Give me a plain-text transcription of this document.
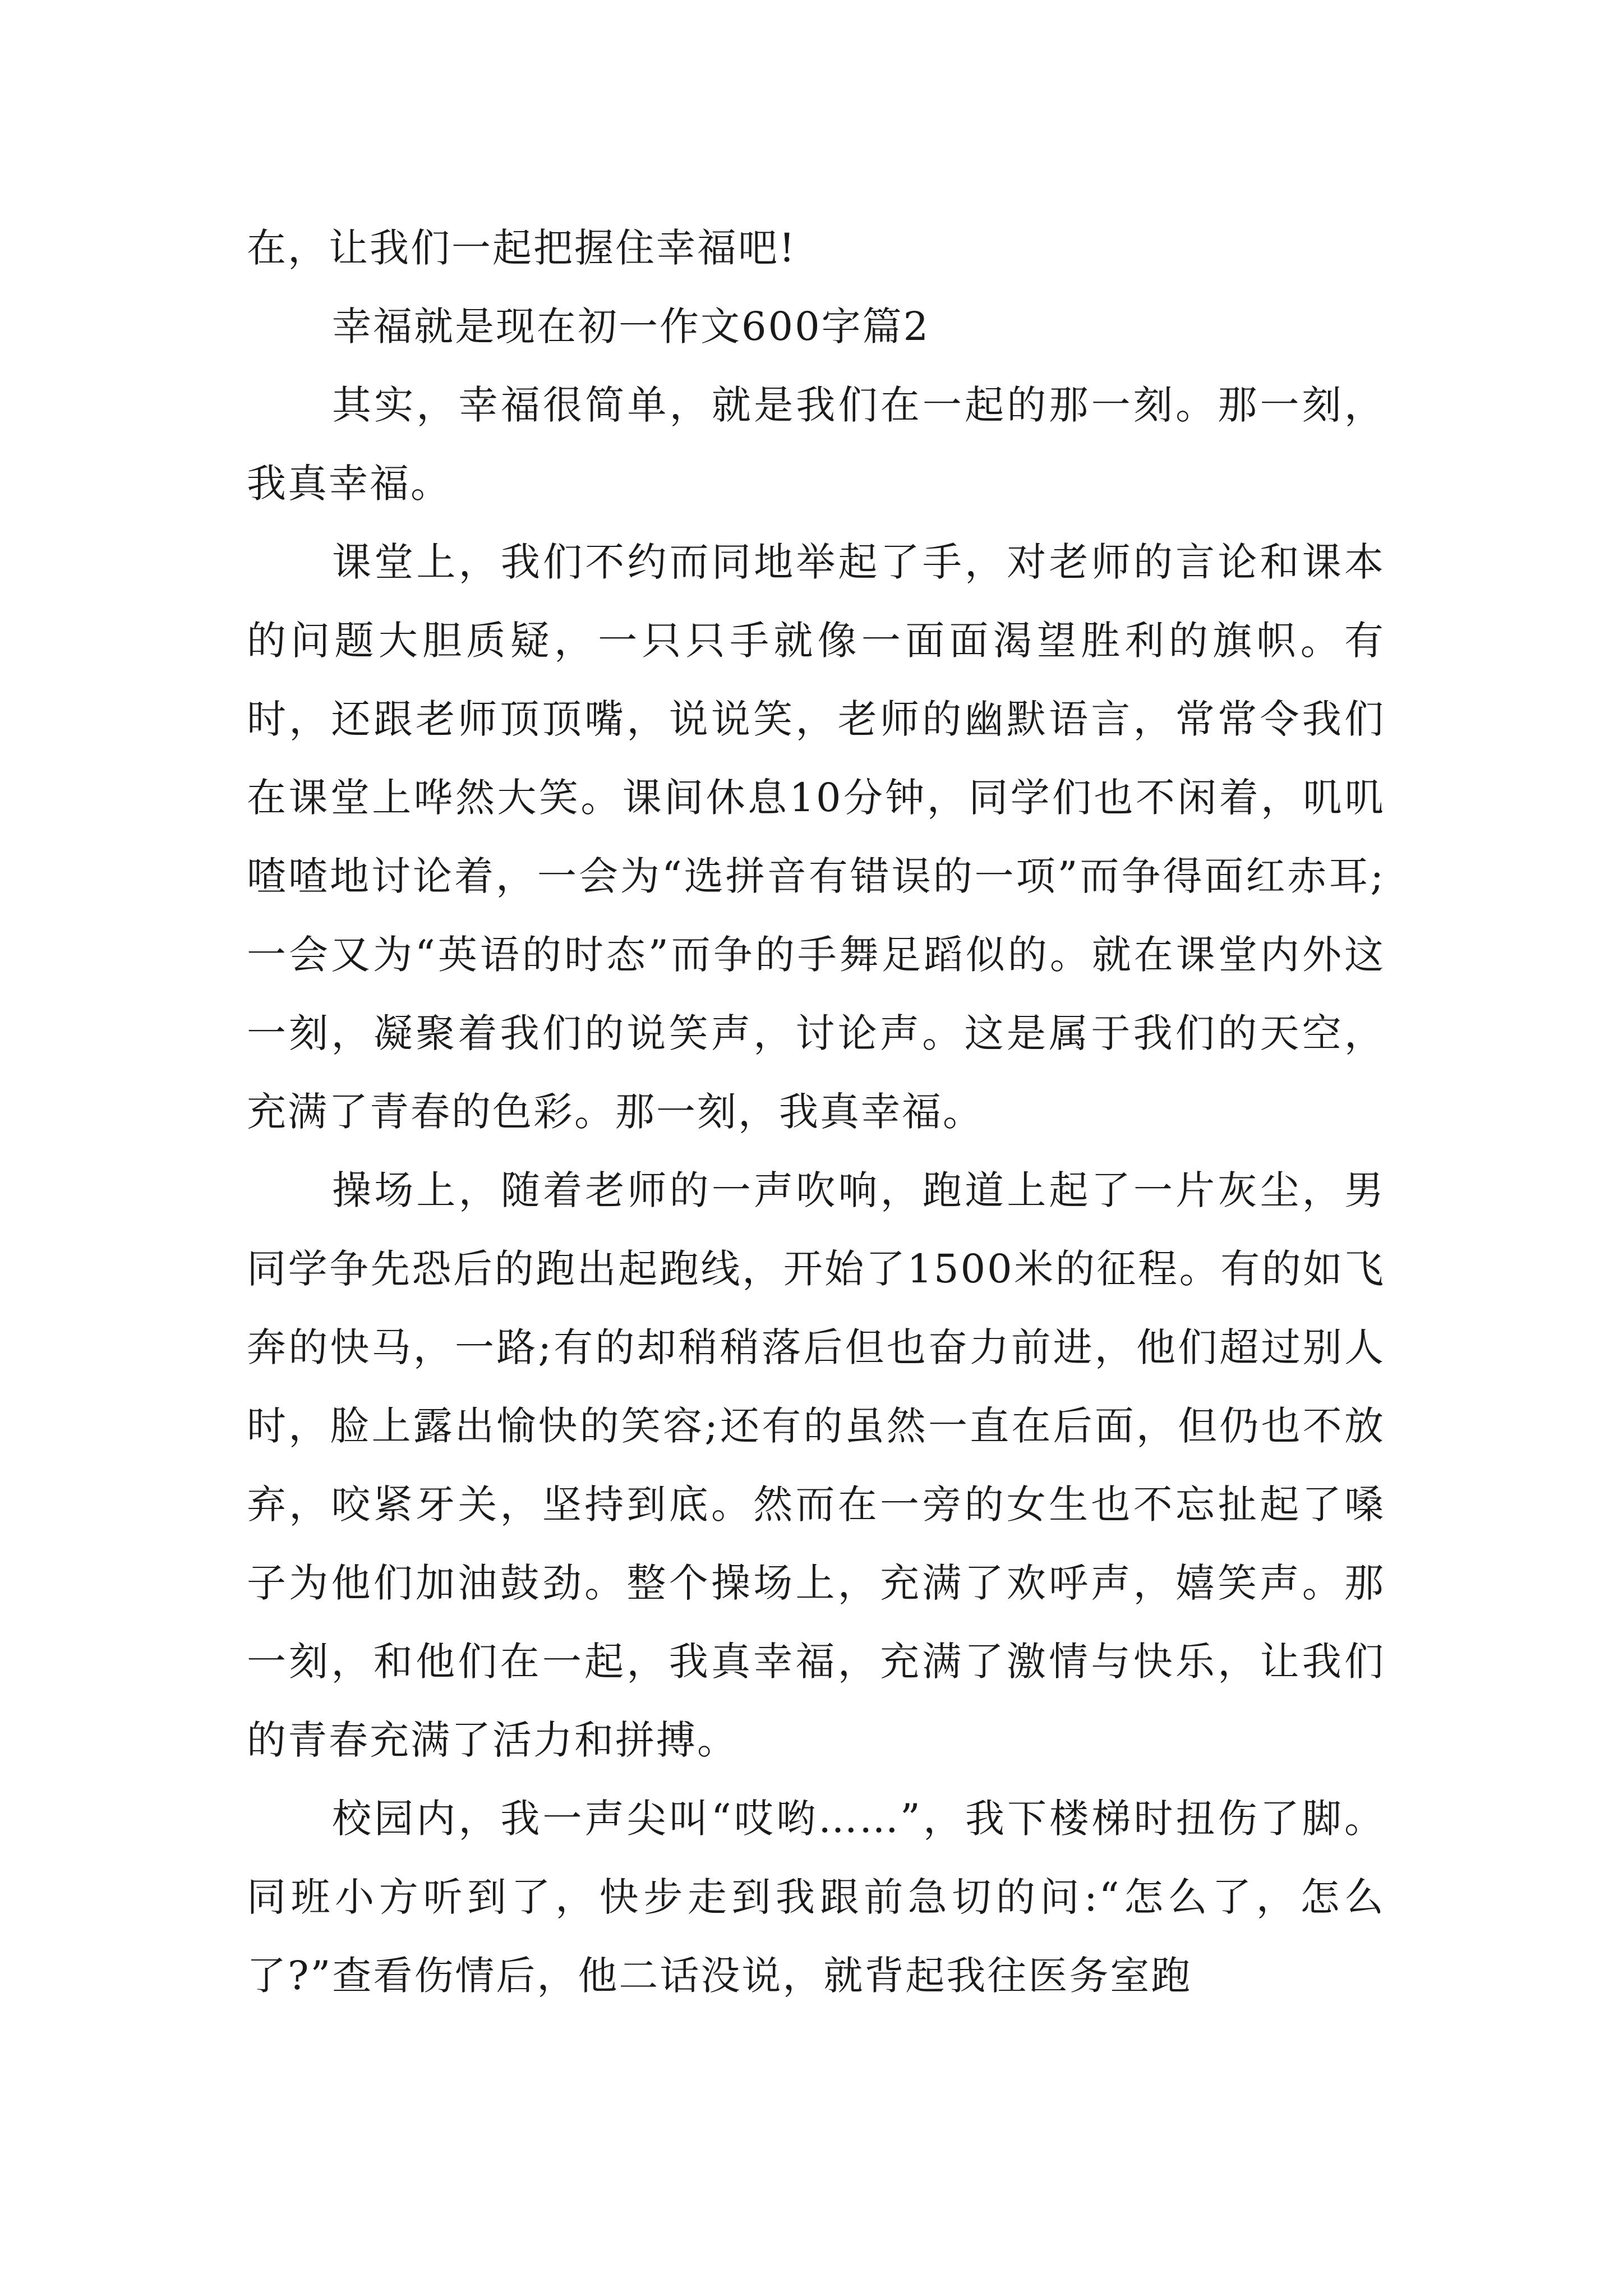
在，让我们一起把握住幸福吧!

幸福就是现在初一作文600字篇2

其实，幸福很简单，就是我们在一起的那一刻。那一刻，我真幸福。

课堂上，我们不约而同地举起了手，对老师的言论和课本的问题大胆质疑，一只只手就像一面面渴望胜利的旗帜。有时，还跟老师顶顶嘴，说说笑，老师的幽默语言，常常令我们在课堂上哗然大笑。课间休息10分钟，同学们也不闲着，叽叽喳喳地讨论着，一会为“选拼音有错误的一项”而争得面红赤耳;一会又为“英语的时态”而争的手舞足蹈似的。就在课堂内外这一刻，凝聚着我们的说笑声，讨论声。这是属于我们的天空，充满了青春的色彩。那一刻，我真幸福。

操场上，随着老师的一声吹响，跑道上起了一片灰尘，男同学争先恐后的跑出起跑线，开始了1500米的征程。有的如飞奔的快马，一路;有的却稍稍落后但也奋力前进，他们超过别人时，脸上露出愉快的笑容;还有的虽然一直在后面，但仍也不放弃，咬紧牙关，坚持到底。然而在一旁的女生也不忘扯起了嗓子为他们加油鼓劲。整个操场上，充满了欢呼声，嬉笑声。那一刻，和他们在一起，我真幸福，充满了激情与快乐，让我们的青春充满了活力和拼搏。

校园内，我一声尖叫“哎哟……”，我下楼梯时扭伤了脚。同班小方听到了，快步走到我跟前急切的问:“怎么了，怎么了?”查看伤情后，他二话没说，就背起我往医务室跑
